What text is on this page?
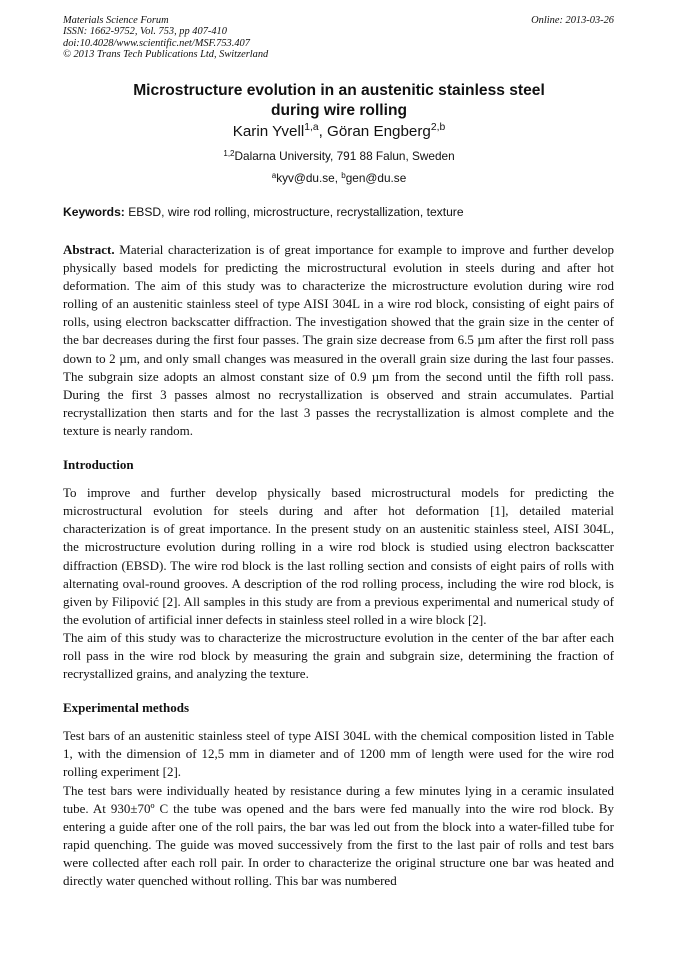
Materials Science Forum
ISSN: 1662-9752, Vol. 753, pp 407-410
doi:10.4028/www.scientific.net/MSF.753.407
© 2013 Trans Tech Publications Ltd, Switzerland
Online: 2013-03-26
Microstructure evolution in an austenitic stainless steel
during wire rolling
Karin Yvell$^{1,a}$, Göran Engberg$^{2,b}$
$^{1,2}$Dalarna University, 791 88 Falun, Sweden
$^a$kyv@du.se, $^b$gen@du.se
Keywords: EBSD, wire rod rolling, microstructure, recrystallization, texture

Abstract. Material characterization is of great importance for example to improve and further develop physically based models for predicting the microstructural evolution in steels during and after hot deformation. The aim of this study was to characterize the microstructure evolution during wire rod rolling of an austenitic stainless steel of type AISI 304L in a wire rod block, consisting of eight pairs of rolls, using electron backscatter diffraction. The investigation showed that the grain size in the center of the bar decreases during the first four passes. The grain size decrease from 6.5 µm after the first roll pass down to 2 µm, and only small changes was measured in the overall grain size during the last four passes. The subgrain size adopts an almost constant size of 0.9 µm from the second until the fifth roll pass. During the first 3 passes almost no recrystallization is observed and strain accumulates. Partial recrystallization then starts and for the last 3 passes the recrystallization is almost complete and the texture is nearly random.

Introduction

To improve and further develop physically based microstructural models for predicting the microstructural evolution for steels during and after hot deformation [1], detailed material characterization is of great importance. In the present study on an austenitic stainless steel, AISI 304L, the microstructure evolution during rolling in a wire rod block is studied using electron backscatter diffraction (EBSD). The wire rod block is the last rolling section and consists of eight pairs of rolls with alternating oval-round grooves. A description of the rod rolling process, including the wire rod block, is given by Filipović [2]. All samples in this study are from a previous experimental and numerical study of the evolution of artificial inner defects in stainless steel rolled in a wire block [2].

The aim of this study was to characterize the microstructure evolution in the center of the bar after each roll pass in the wire rod block by measuring the grain and subgrain size, determining the fraction of recrystallized grains, and analyzing the texture.

Experimental methods

Test bars of an austenitic stainless steel of type AISI 304L with the chemical composition listed in Table 1, with the dimension of 12,5 mm in diameter and of 1200 mm of length were used for the wire rod rolling experiment [2].

The test bars were individually heated by resistance during a few minutes lying in a ceramic insulated tube. At 930±70º C the tube was opened and the bars were fed manually into the wire rod block. By entering a guide after one of the roll pairs, the bar was led out from the block into a water-filled tube for rapid quenching. The guide was moved successively from the first to the last pair of rolls and test bars were collected after each roll pair. In order to characterize the original structure one bar was heated and directly water quenched without rolling. This bar was numbered
